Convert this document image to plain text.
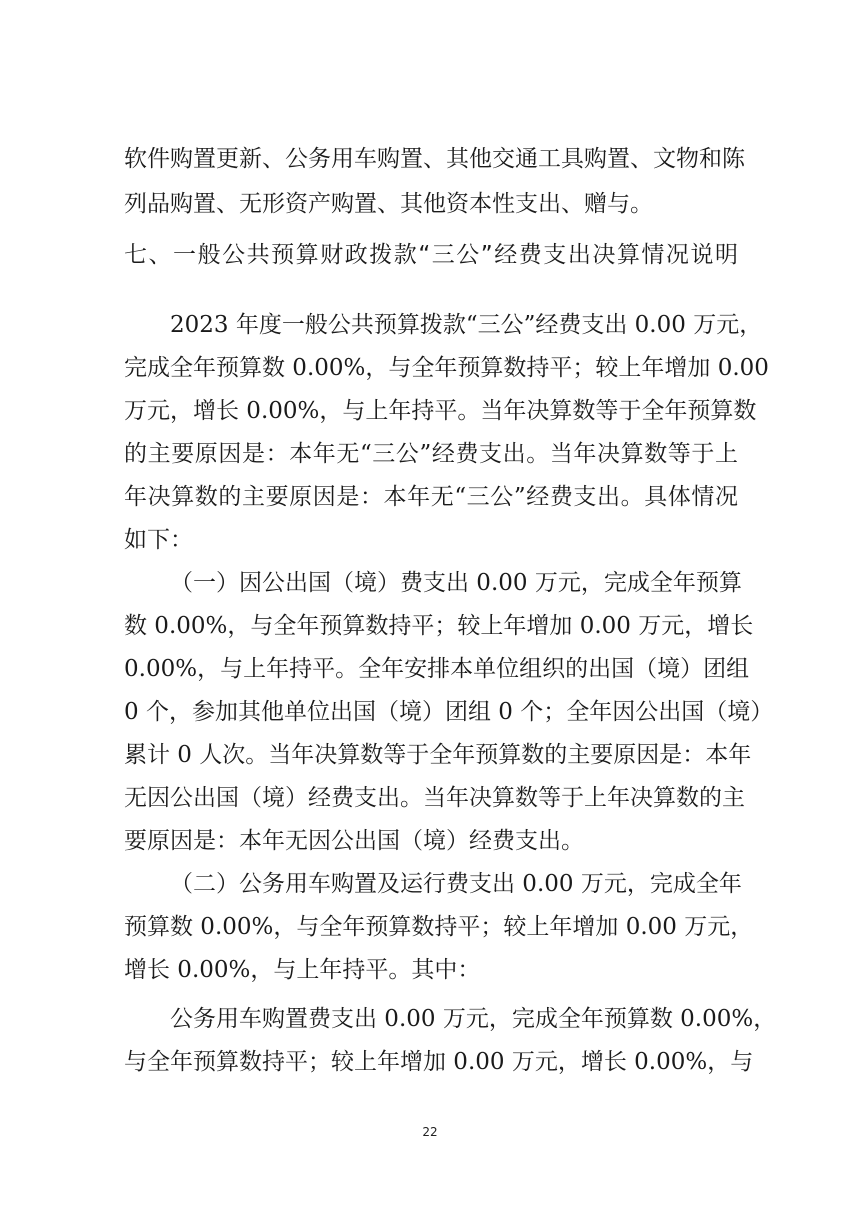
软件购置更新、公务用车购置、其他交通工具购置、文物和陈
列品购置、无形资产购置、其他资本性支出、赠与。
七、一般公共预算财政拨款“三公”经费支出决算情况说明
2023 年度一般公共预算拨款“三公”经费支出 0.00 万元，
完成全年预算数 0.00%，与全年预算数持平；较上年增加 0.00
万元，增长 0.00%，与上年持平。当年决算数等于全年预算数
的主要原因是：本年无“三公”经费支出。当年决算数等于上
年决算数的主要原因是：本年无“三公”经费支出。具体情况
如下：
（一）因公出国（境）费支出 0.00 万元，完成全年预算
数 0.00%，与全年预算数持平；较上年增加 0.00 万元，增长
0.00%，与上年持平。全年安排本单位组织的出国（境）团组
0 个，参加其他单位出国（境）团组 0 个；全年因公出国（境）
累计 0 人次。当年决算数等于全年预算数的主要原因是：本年
无因公出国（境）经费支出。当年决算数等于上年决算数的主
要原因是：本年无因公出国（境）经费支出。
（二）公务用车购置及运行费支出 0.00 万元，完成全年
预算数 0.00%，与全年预算数持平；较上年增加 0.00 万元，
增长 0.00%，与上年持平。其中：
公务用车购置费支出 0.00 万元，完成全年预算数 0.00%，
与全年预算数持平；较上年增加 0.00 万元，增长 0.00%，与
22
